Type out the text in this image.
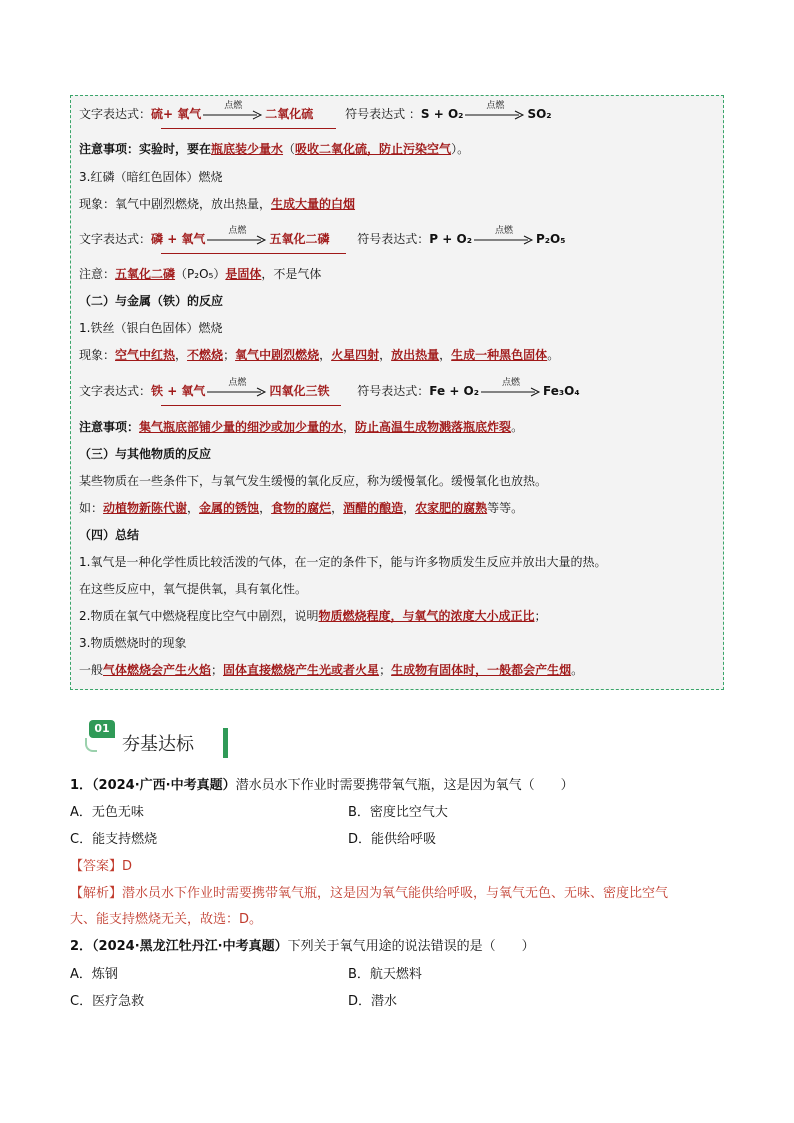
文字表达式：硫+ 氧气
点燃
二氧化硫	符号表达式 ：S + O₂
点燃
SO₂
注意事项：实验时，要在瓶底装少量水（吸收二氧化硫，防止污染空气）。
3.红磷（暗红色固体）燃烧
现象：氧气中剧烈燃烧，放出热量，生成大量的白烟
文字表达式：磷 + 氧气
点燃
五氧化二磷 符号表达式：P + O₂
点燃
P₂O₅
注意：五氧化二磷（P₂O₅）是固体，不是气体
（二）与金属（铁）的反应
1.铁丝（银白色固体）燃烧
现象：空气中红热，不燃烧；氧气中剧烈燃烧，火星四射，放出热量，生成一种黑色固体。
文字表达式：铁 + 氧气
点燃
四氧化三铁 符号表达式：Fe + O₂
点燃
Fe₃O₄
注意事项：集气瓶底部铺少量的细沙或加少量的水，防止高温生成物溅落瓶底炸裂。
（三）与其他物质的反应
某些物质在一些条件下，与氧气发生缓慢的氧化反应，称为缓慢氧化。缓慢氧化也放热。
如：动植物新陈代谢，金属的锈蚀，食物的腐烂，酒醋的酿造，农家肥的腐熟等等。
（四）总结
1.氧气是一种化学性质比较活泼的气体，在一定的条件下，能与许多物质发生反应并放出大量的热。
在这些反应中，氧气提供氧，具有氧化性。
2.物质在氧气中燃烧程度比空气中剧烈，说明物质燃烧程度，与氧气的浓度大小成正比；
3.物质燃烧时的现象
一般气体燃烧会产生火焰；固体直接燃烧产生光或者火星；生成物有固体时，一般都会产生烟。
01
夯基达标
1．（2024·广西·中考真题）潜水员水下作业时需要携带氧气瓶，这是因为氧气（　　）
A．无色无味	B．密度比空气大
C．能支持燃烧	D．能供给呼吸
【答案】D
【解析】潜水员水下作业时需要携带氧气瓶，这是因为氧气能供给呼吸，与氧气无色、无味、密度比空气
大、能支持燃烧无关，故选：D。
2．（2024·黑龙江牡丹江·中考真题）下列关于氧气用途的说法错误的是（　　）
A．炼钢	B．航天燃料
C．医疗急救	D．潜水
